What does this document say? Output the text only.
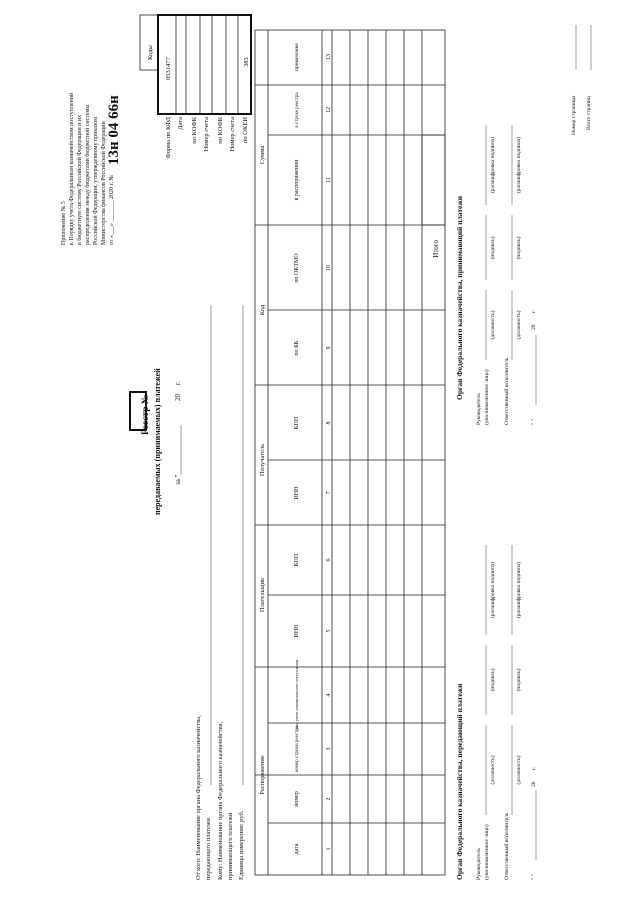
Приложение № 5 к Порядку учета Федеральным казначейством поступлений в бюджетную систему Российской Федерации и их распределения между бюджетами бюджетной системы Российской Федерации, утвержденному приказом Министерства финансов Российской Федерации от «___» _______ 2020 г. №
13н 04 66н
Коды
0531477	383
Форма по КФД Дата по КОФК Номер счета по КОФК Номер счета по ОКЕИ
Реестр № передаваемых (принимаемых) платежей за "
20
г.
От кого: Наименование органа Федерального казначейства, передающего платежи Кому: Наименование органа Федерального казначейства, принимающего платежи Единица измерения: руб.
Распоряжение
Плательщик
Получатель
Код
Сумма
дата
номер
номер строки реестра
дата учета невыясненного поступления
ИНН
КПП
ИНН
КПП
по БК
по ОКТМО
в распоряжении
в строке реестра
примечание
1
2
3
4
5
6
7
8
9
10
11
12
13
Итого
Орган Федерального казначейства, передающий платежи Руководитель (уполномоченное лицо)
(должность)
(подпись)
(расшифровка подписи)
Ответственный исполнитель
(должность)
(подпись)
(расшифровка подписи)
" "
20
г.
Орган Федерального казначейства, принимающий платежи
Руководитель (уполномоченное лицо)
(должность)
(подпись)
(расшифровка подписи)
Ответственный исполнитель
(должность)
(подпись)
(расшифровка подписи)
" "
20
г.
Номер страницы Всего страниц
